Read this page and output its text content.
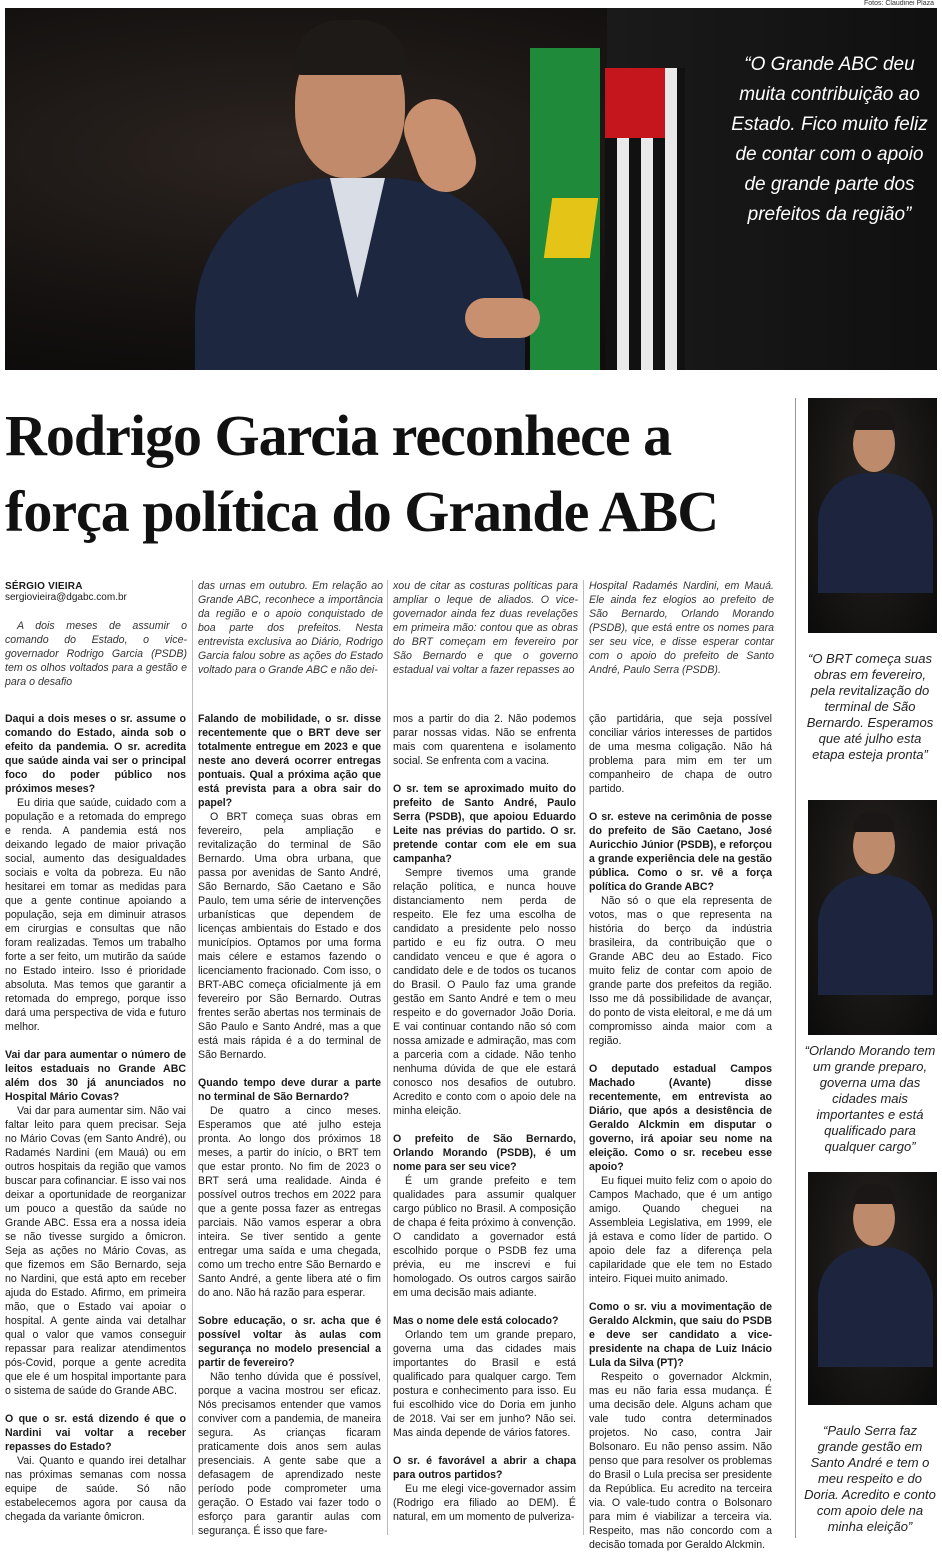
Fotos: Claudinei Plaza
“O Grande ABC deu muita contribuição ao Estado. Fico muito feliz de contar com o apoio de grande parte dos prefeitos da região”
Rodrigo Garcia reconhece a força política do Grande ABC
SÉRGIO VIEIRA
sergiovieira@dgabc.com.br

A dois meses de assumir o comando do Estado, o vice-governador Rodrigo Garcia (PSDB) tem os olhos voltados para a gestão e para o desafio

das urnas em outubro. Em relação ao Grande ABC, reconhece a importância da região e o apoio conquistado de boa parte dos prefeitos. Nesta entrevista exclusiva ao Diário, Rodrigo Garcia falou sobre as ações do Estado voltado para o Grande ABC e não dei-

xou de citar as costuras políticas para ampliar o leque de aliados. O vice-governador ainda fez duas revelações em primeira mão: contou que as obras do BRT começam em fevereiro por São Bernardo e que o governo estadual vai voltar a fazer repasses ao

Hospital Radamés Nardini, em Mauá. Ele ainda fez elogios ao prefeito de São Bernardo, Orlando Morando (PSDB), que está entre os nomes para ser seu vice, e disse esperar contar com o apoio do prefeito de Santo André, Paulo Serra (PSDB).

Daqui a dois meses o sr. assume o comando do Estado, ainda sob o efeito da pandemia. O sr. acredita que saúde ainda vai ser o principal foco do poder público nos próximos meses?

Eu diria que saúde, cuidado com a população e a retomada do emprego e renda. A pandemia está nos deixando legado de maior privação social, aumento das desigualdades sociais e volta da pobreza. Eu não hesitarei em tomar as medidas para que a gente continue apoiando a população, seja em diminuir atrasos em cirurgias e consultas que não foram realizadas. Temos um trabalho forte a ser feito, um mutirão da saúde no Estado inteiro. Isso é prioridade absoluta. Mas temos que garantir a retomada do emprego, porque isso dará uma perspectiva de vida e futuro melhor.

Vai dar para aumentar o número de leitos estaduais no Grande ABC além dos 30 já anunciados no Hospital Mário Covas?

Vai dar para aumentar sim. Não vai faltar leito para quem precisar. Seja no Mário Covas (em Santo André), ou Radamés Nardini (em Mauá) ou em outros hospitais da região que vamos buscar para cofinanciar. E isso vai nos deixar a oportunidade de reorganizar um pouco a questão da saúde no Grande ABC. Essa era a nossa ideia se não tivesse surgido a ômicron. Seja as ações no Mário Covas, as que fizemos em São Bernardo, seja no Nardini, que está apto em receber ajuda do Estado. Afirmo, em primeira mão, que o Estado vai apoiar o hospital. A gente ainda vai detalhar qual o valor que vamos conseguir repassar para realizar atendimentos pós-Covid, porque a gente acredita que ele é um hospital importante para o sistema de saúde do Grande ABC.

O que o sr. está dizendo é que o Nardini vai voltar a receber repasses do Estado?

Vai. Quanto e quando irei detalhar nas próximas semanas com nossa equipe de saúde. Só não estabelecemos agora por causa da chegada da variante ômicron.

Falando de mobilidade, o sr. disse recentemente que o BRT deve ser totalmente entregue em 2023 e que neste ano deverá ocorrer entregas pontuais. Qual a próxima ação que está prevista para a obra sair do papel?

O BRT começa suas obras em fevereiro, pela ampliação e revitalização do terminal de São Bernardo. Uma obra urbana, que passa por avenidas de Santo André, São Bernardo, São Caetano e São Paulo, tem uma série de intervenções urbanísticas que dependem de licenças ambientais do Estado e dos municípios. Optamos por uma forma mais célere e estamos fazendo o licenciamento fracionado. Com isso, o BRT-ABC começa oficialmente já em fevereiro por São Bernardo. Outras frentes serão abertas nos terminais de São Paulo e Santo André, mas a que está mais rápida é a do terminal de São Bernardo.

Quando tempo deve durar a parte no terminal de São Bernardo?

De quatro a cinco meses. Esperamos que até julho esteja pronta. Ao longo dos próximos 18 meses, a partir do início, o BRT tem que estar pronto. No fim de 2023 o BRT será uma realidade. Ainda é possível outros trechos em 2022 para que a gente possa fazer as entregas parciais. Não vamos esperar a obra inteira. Se tiver sentido a gente entregar uma saída e uma chegada, como um trecho entre São Bernardo e Santo André, a gente libera até o fim do ano. Não há razão para esperar.

Sobre educação, o sr. acha que é possível voltar às aulas com segurança no modelo presencial a partir de fevereiro?

Não tenho dúvida que é possível, porque a vacina mostrou ser eficaz. Nós precisamos entender que vamos conviver com a pandemia, de maneira segura. As crianças ficaram praticamente dois anos sem aulas presenciais. A gente sabe que a defasagem de aprendizado neste período pode comprometer uma geração. O Estado vai fazer todo o esforço para garantir aulas com segurança. É isso que fare-

mos a partir do dia 2. Não podemos parar nossas vidas. Não se enfrenta mais com quarentena e isolamento social. Se enfrenta com a vacina.

O sr. tem se aproximado muito do prefeito de Santo André, Paulo Serra (PSDB), que apoiou Eduardo Leite nas prévias do partido. O sr. pretende contar com ele em sua campanha?

Sempre tivemos uma grande relação política, e nunca houve distanciamento nem perda de respeito. Ele fez uma escolha de candidato a presidente pelo nosso partido e eu fiz outra. O meu candidato venceu e que é agora o candidato dele e de todos os tucanos do Brasil. O Paulo faz uma grande gestão em Santo André e tem o meu respeito e do governador João Doria. E vai continuar contando não só com nossa amizade e admiração, mas com a parceria com a cidade. Não tenho nenhuma dúvida de que ele estará conosco nos desafios de outubro. Acredito e conto com o apoio dele na minha eleição.

O prefeito de São Bernardo, Orlando Morando (PSDB), é um nome para ser seu vice?

É um grande prefeito e tem qualidades para assumir qualquer cargo público no Brasil. A composição de chapa é feita próximo à convenção. O candidato a governador está escolhido porque o PSDB fez uma prévia, eu me inscrevi e fui homologado. Os outros cargos sairão em uma decisão mais adiante.

Mas o nome dele está colocado?

Orlando tem um grande preparo, governa uma das cidades mais importantes do Brasil e está qualificado para qualquer cargo. Tem postura e conhecimento para isso. Eu fui escolhido vice do Doria em junho de 2018. Vai ser em junho? Não sei. Mas ainda depende de vários fatores.

O sr. é favorável a abrir a chapa para outros partidos?

Eu me elegi vice-governador assim (Rodrigo era filiado ao DEM). É natural, em um momento de pulveriza-

ção partidária, que seja possível conciliar vários interesses de partidos de uma mesma coligação. Não há problema para mim em ter um companheiro de chapa de outro partido.

O sr. esteve na cerimônia de posse do prefeito de São Caetano, José Auricchio Júnior (PSDB), e reforçou a grande experiência dele na gestão pública. Como o sr. vê a força política do Grande ABC?

Não só o que ela representa de votos, mas o que representa na história do berço da indústria brasileira, da contribuição que o Grande ABC deu ao Estado. Fico muito feliz de contar com apoio de grande parte dos prefeitos da região. Isso me dá possibilidade de avançar, do ponto de vista eleitoral, e me dá um compromisso ainda maior com a região.

O deputado estadual Campos Machado (Avante) disse recentemente, em entrevista ao Diário, que após a desistência de Geraldo Alckmin em disputar o governo, irá apoiar seu nome na eleição. Como o sr. recebeu esse apoio?

Eu fiquei muito feliz com o apoio do Campos Machado, que é um antigo amigo. Quando cheguei na Assembleia Legislativa, em 1999, ele já estava e como líder de partido. O apoio dele faz a diferença pela capilaridade que ele tem no Estado inteiro. Fiquei muito animado.

Como o sr. viu a movimentação de Geraldo Alckmin, que saiu do PSDB e deve ser candidato a vice-presidente na chapa de Luiz Inácio Lula da Silva (PT)?

Respeito o governador Alckmin, mas eu não faria essa mudança. É uma decisão dele. Alguns acham que vale tudo contra determinados projetos. No caso, contra Jair Bolsonaro. Eu não penso assim. Não penso que para resolver os problemas do Brasil o Lula precisa ser presidente da República. Eu acredito na terceira via. O vale-tudo contra o Bolsonaro para mim é viabilizar a terceira via. Respeito, mas não concordo com a decisão tomada por Geraldo Alckmin.

“O BRT começa suas obras em fevereiro, pela revitalização do terminal de São Bernardo. Esperamos que até julho esta etapa esteja pronta”
“Orlando Morando tem um grande preparo, governa uma das cidades mais importantes e está qualificado para qualquer cargo”
“Paulo Serra faz grande gestão em Santo André e tem o meu respeito e do Doria. Acredito e conto com apoio dele na minha eleição”
